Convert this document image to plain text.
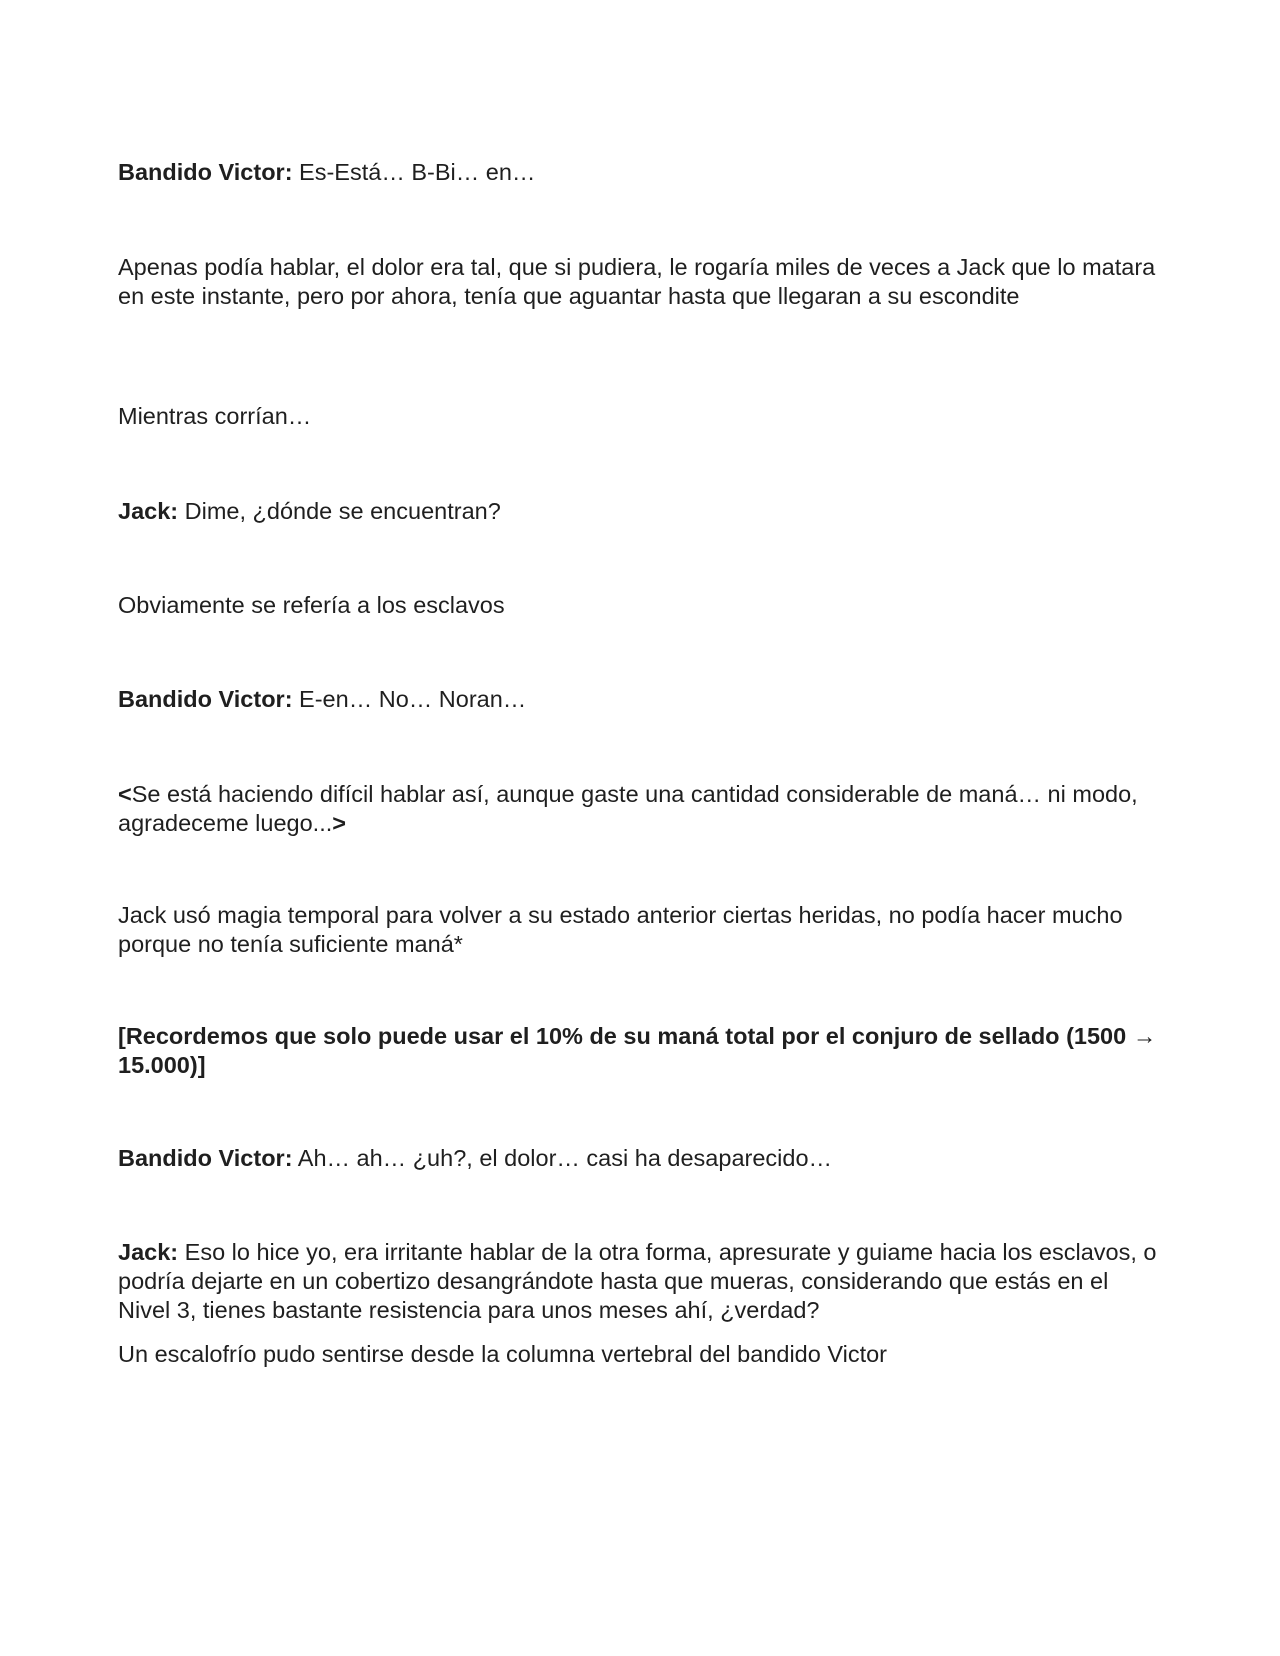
Bandido Victor: Es-Está… B-Bi… en…

Apenas podía hablar, el dolor era tal, que si pudiera, le rogaría miles de veces a Jack que lo matara en este instante, pero por ahora, tenía que aguantar hasta que llegaran a su escondite

Mientras corrían…

Jack: Dime, ¿dónde se encuentran?

Obviamente se refería a los esclavos

Bandido Victor: E-en… No… Noran…

<Se está haciendo difícil hablar así, aunque gaste una cantidad considerable de maná… ni modo, agradeceme luego...>

Jack usó magia temporal para volver a su estado anterior ciertas heridas, no podía hacer mucho porque no tenía suficiente maná*

[Recordemos que solo puede usar el 10% de su maná total por el conjuro de sellado (1500 → 15.000)]

Bandido Victor: Ah… ah… ¿uh?, el dolor… casi ha desaparecido…

Jack: Eso lo hice yo, era irritante hablar de la otra forma, apresurate y guiame hacia los esclavos, o podría dejarte en un cobertizo desangrándote hasta que mueras, considerando que estás en el Nivel 3, tienes bastante resistencia para unos meses ahí, ¿verdad?

Un escalofrío pudo sentirse desde la columna vertebral del bandido Victor
